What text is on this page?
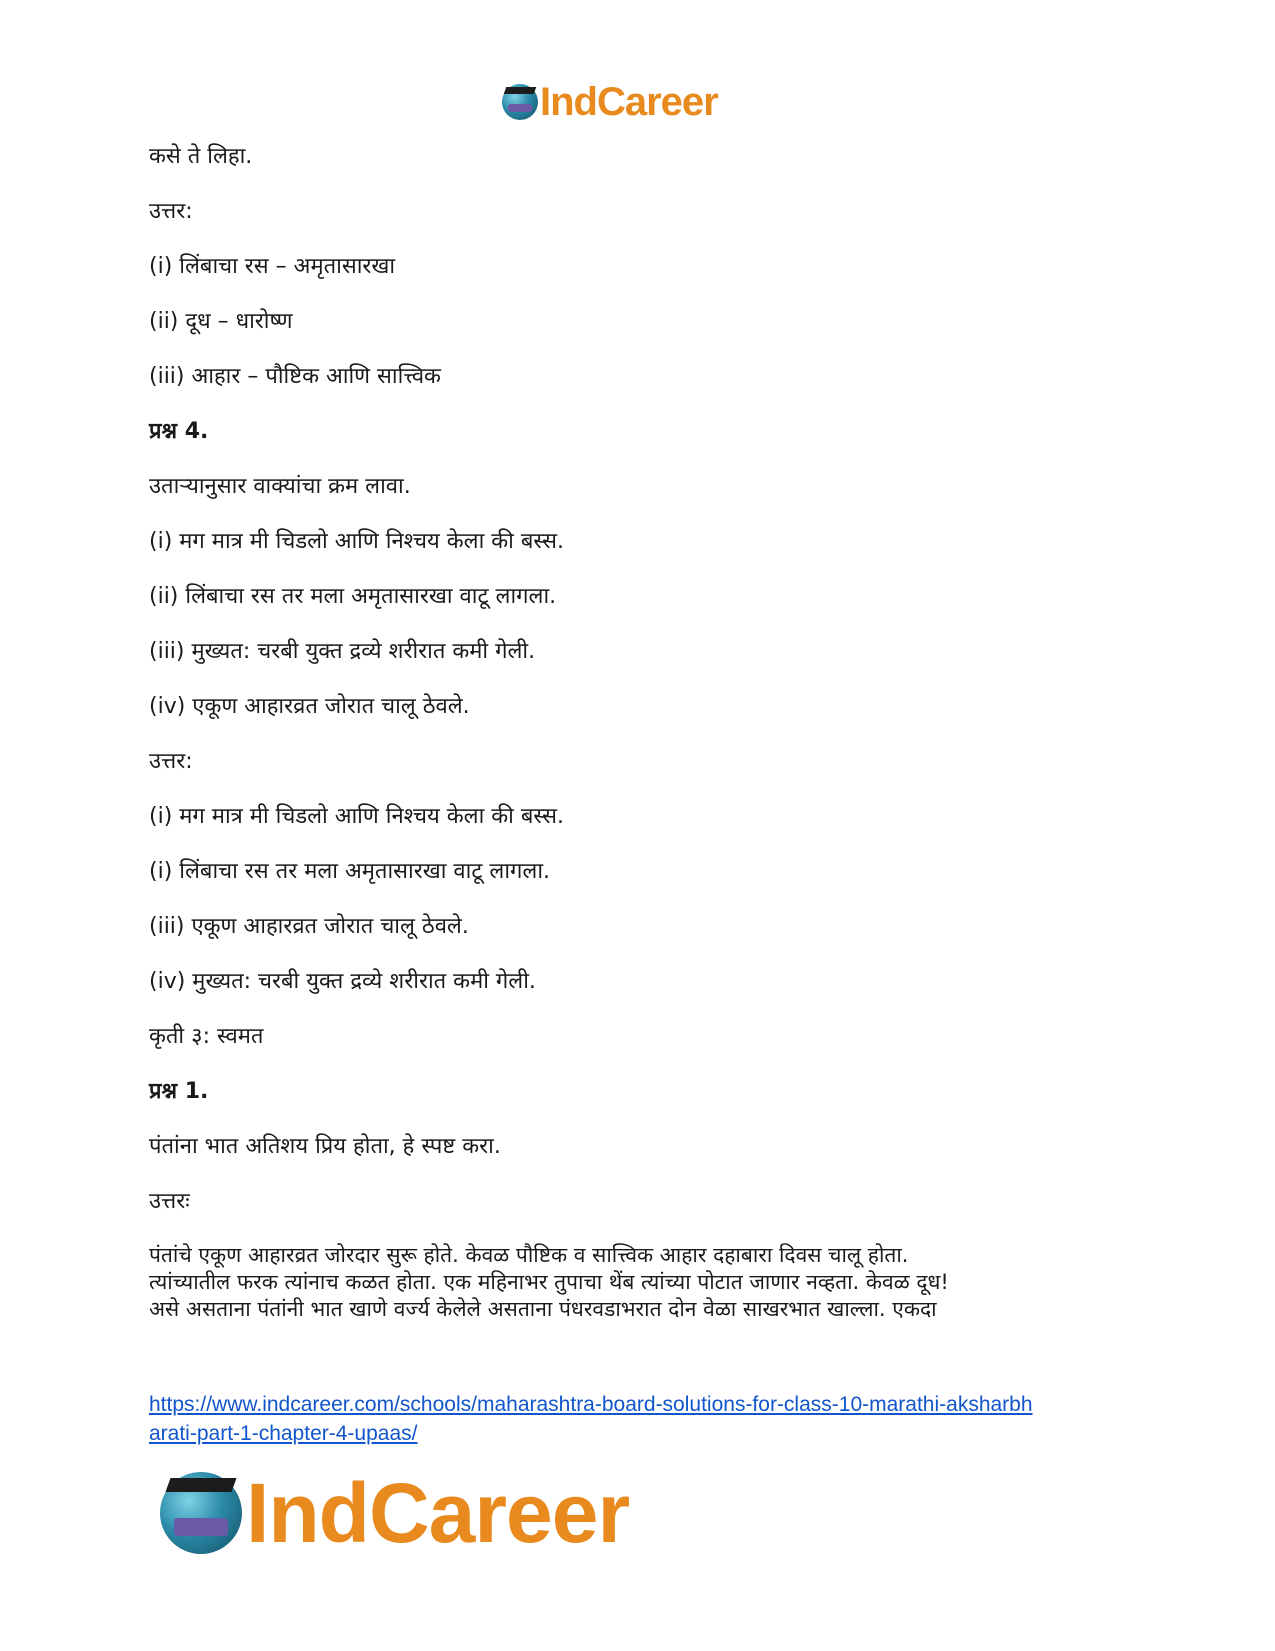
IndCareer
कसे ते लिहा.
उत्तर:
(i) लिंबाचा रस – अमृतासारखा
(ii) दूध – धारोष्ण
(iii) आहार – पौष्टिक आणि सात्त्विक
प्रश्न 4.
उताऱ्यानुसार वाक्यांचा क्रम लावा.
(i) मग मात्र मी चिडलो आणि निश्चय केला की बस्स.
(ii) लिंबाचा रस तर मला अमृतासारखा वाटू लागला.
(iii) मुख्यत: चरबी युक्त द्रव्ये शरीरात कमी गेली.
(iv) एकूण आहारव्रत जोरात चालू ठेवले.
उत्तर:
(i) मग मात्र मी चिडलो आणि निश्चय केला की बस्स.
(i) लिंबाचा रस तर मला अमृतासारखा वाटू लागला.
(iii) एकूण आहारव्रत जोरात चालू ठेवले.
(iv) मुख्यत: चरबी युक्त द्रव्ये शरीरात कमी गेली.
कृती ३: स्वमत
प्रश्न 1.
पंतांना भात अतिशय प्रिय होता, हे स्पष्ट करा.
उत्तरः

पंतांचे एकूण आहारव्रत जोरदार सुरू होते. केवळ पौष्टिक व सात्त्विक आहार दहाबारा दिवस चालू होता.

त्यांच्यातील फरक त्यांनाच कळत होता. एक महिनाभर तुपाचा थेंब त्यांच्या पोटात जाणार नव्हता. केवळ दूध!

असे असताना पंतांनी भात खाणे वर्ज्य केलेले असताना पंधरवडाभरात दोन वेळा साखरभात खाल्ला. एकदा

https://www.indcareer.com/schools/maharashtra-board-solutions-for-class-10-marathi-aksharbh
arati-part-1-chapter-4-upaas/
IndCareer
